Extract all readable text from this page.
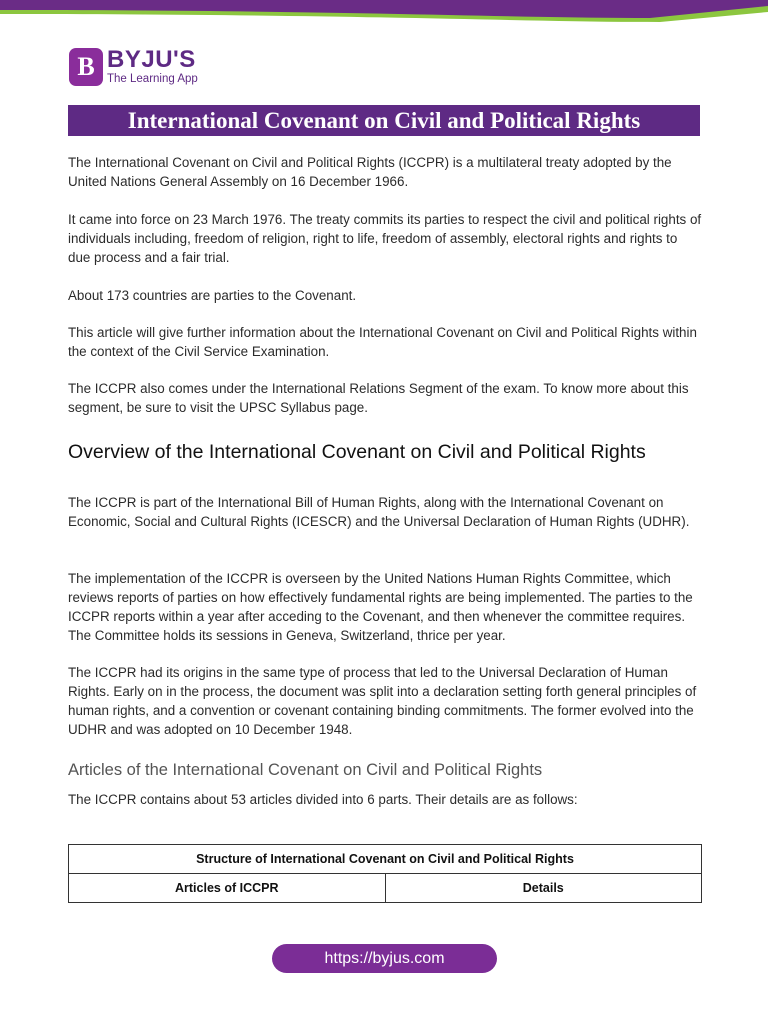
B BYJU'S
The Learning App
International Covenant on Civil and Political Rights

The International Covenant on Civil and Political Rights (ICCPR) is a multilateral treaty adopted by the United Nations General Assembly on 16 December 1966.

It came into force on 23 March 1976. The treaty commits its parties to respect the civil and political rights of individuals including, freedom of religion, right to life, freedom of assembly, electoral rights and rights to due process and a fair trial.

About 173 countries are parties to the Covenant.

This article will give further information about the International Covenant on Civil and Political Rights within the context of the Civil Service Examination.

The ICCPR also comes under the International Relations Segment of the exam. To know more about this segment, be sure to visit the UPSC Syllabus page.

Overview of the International Covenant on Civil and Political Rights

The ICCPR is part of the International Bill of Human Rights, along with the International Covenant on Economic, Social and Cultural Rights (ICESCR) and the Universal Declaration of Human Rights (UDHR).

The implementation of the ICCPR is overseen by the United Nations Human Rights Committee, which reviews reports of parties on how effectively fundamental rights are being implemented. The parties to the ICCPR reports within a year after acceding to the Covenant, and then whenever the committee requires. The Committee holds its sessions in Geneva, Switzerland, thrice per year.

The ICCPR had its origins in the same type of process that led to the Universal Declaration of Human Rights. Early on in the process, the document was split into a declaration setting forth general principles of human rights, and a convention or covenant containing binding commitments. The former evolved into the UDHR and was adopted on 10 December 1948.

Articles of the International Covenant on Civil and Political Rights

The ICCPR contains about 53 articles divided into 6 parts. Their details are as follows:

Structure of International Covenant on Civil and Political Rights
Articles of ICCPR	Details
https://byjus.com
